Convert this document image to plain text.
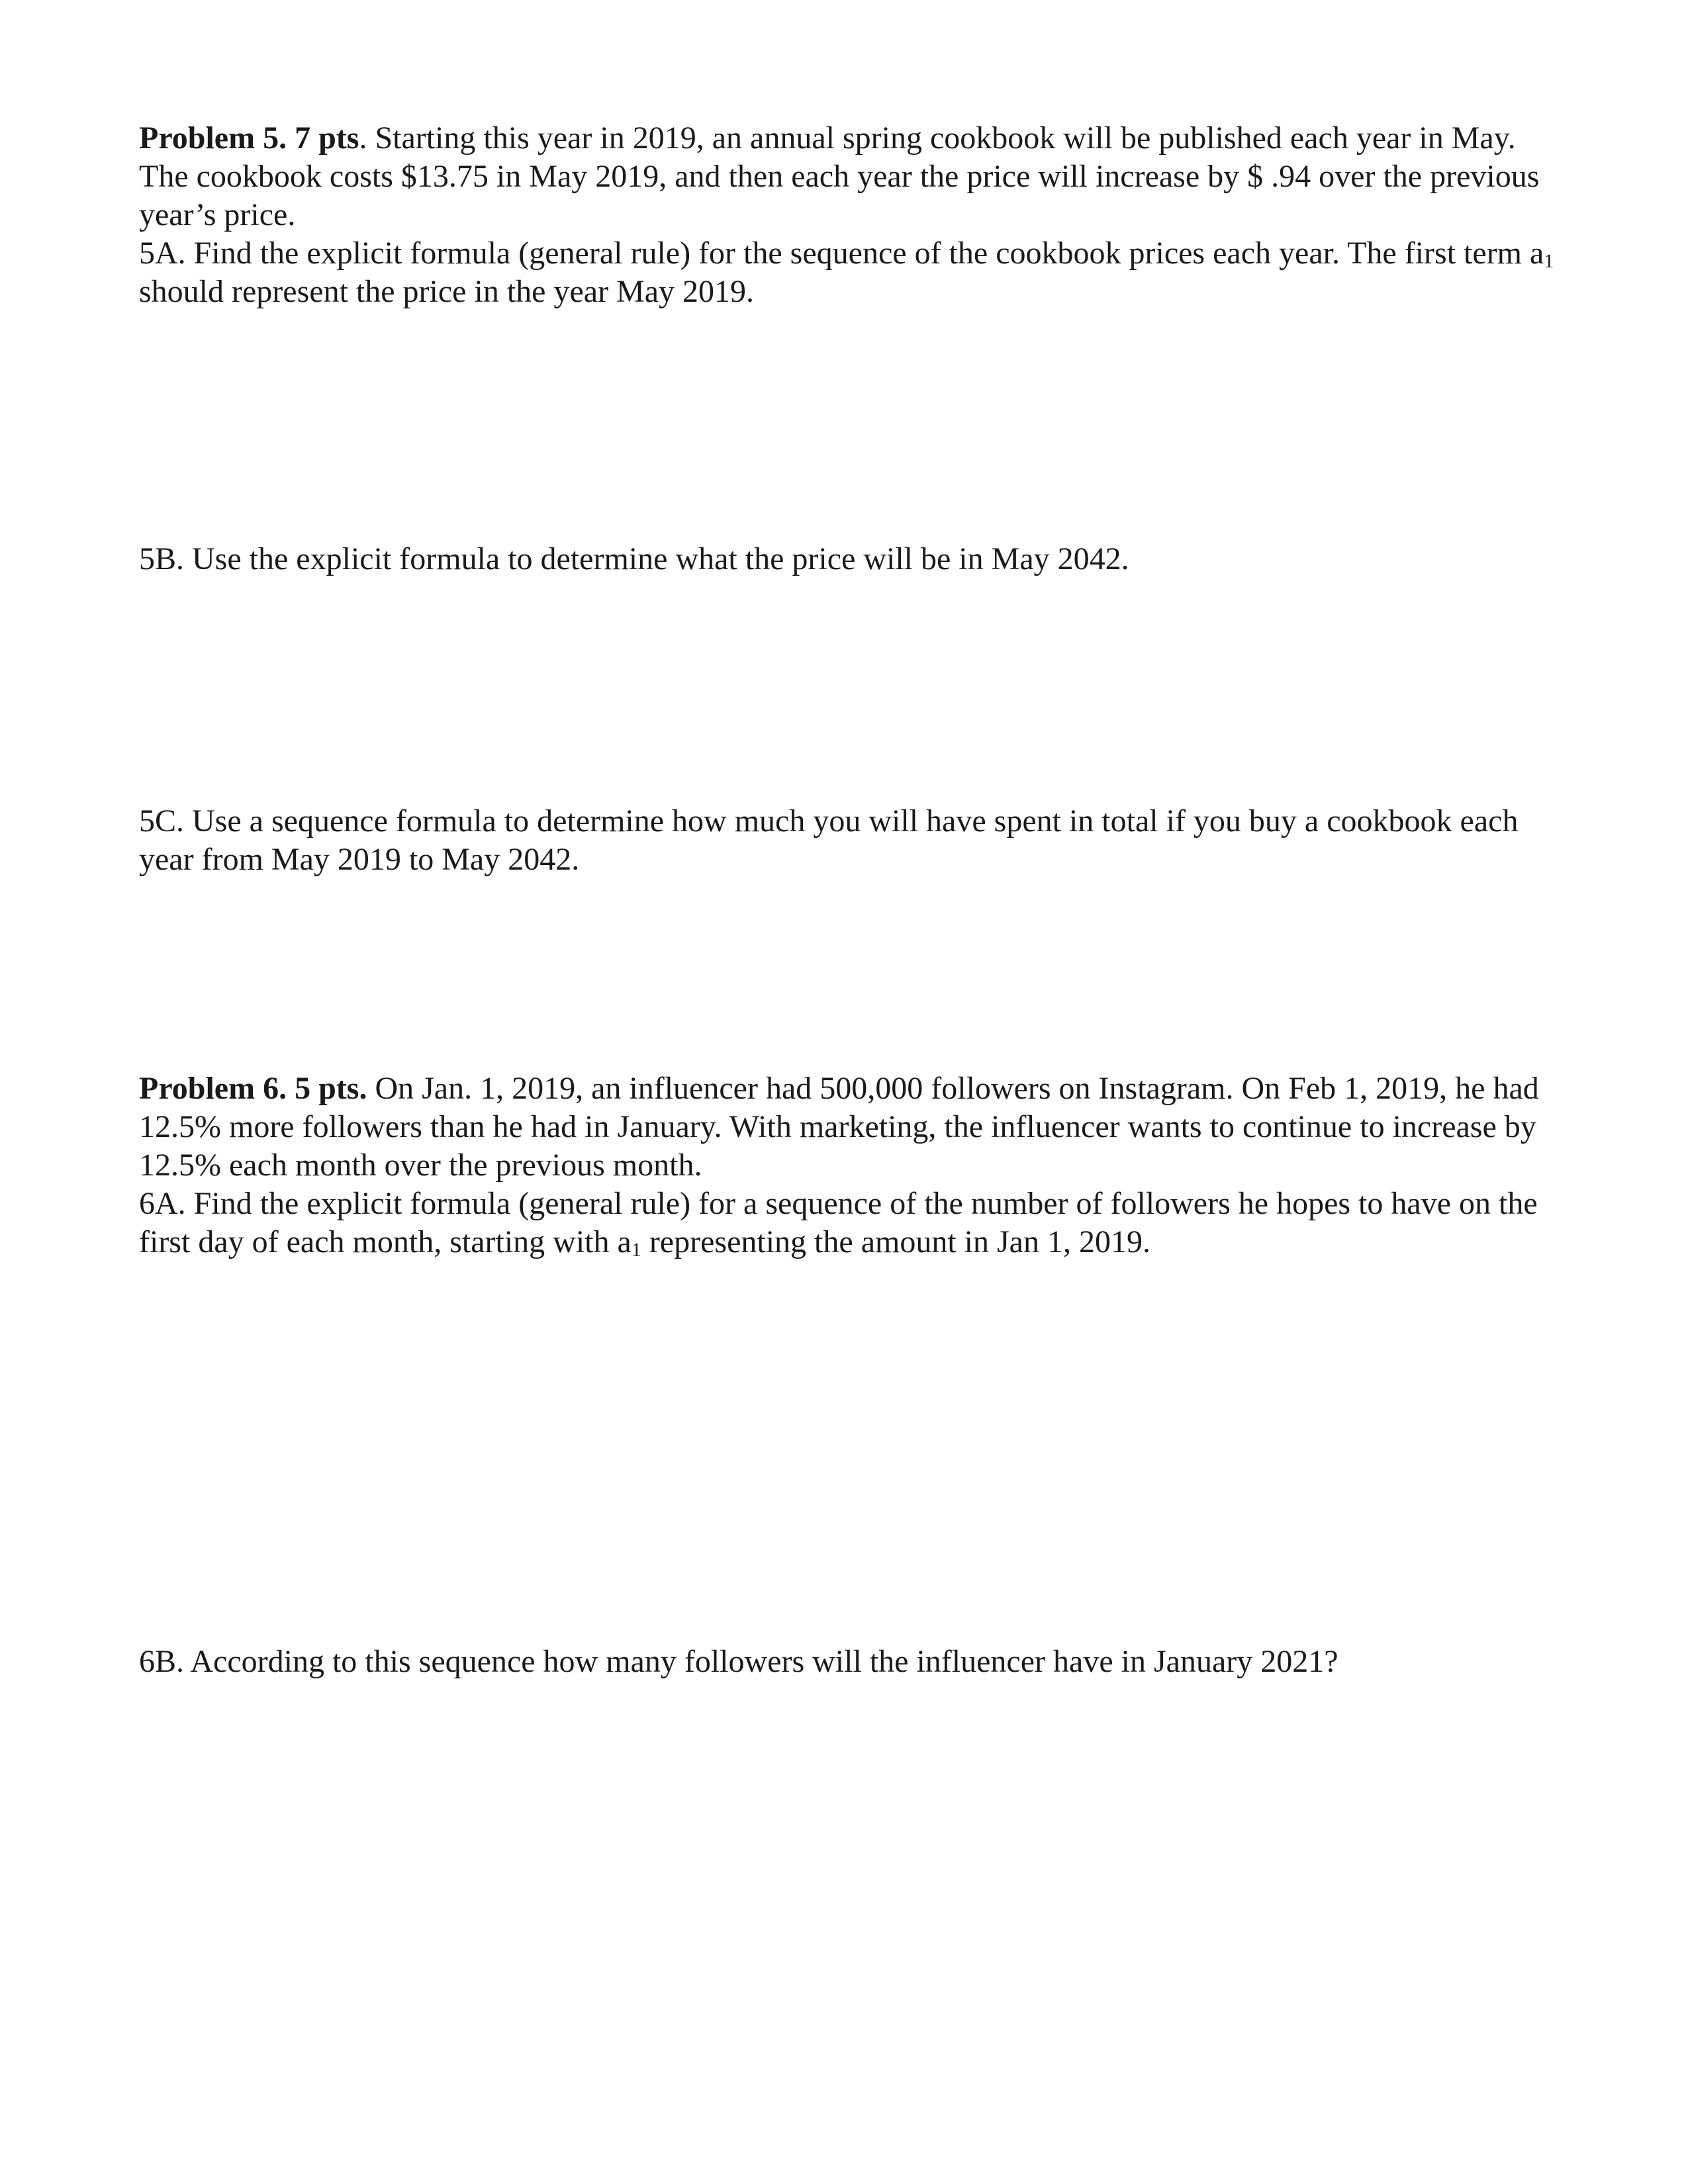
Problem 5. 7 pts. Starting this year in 2019, an annual spring cookbook will be published each year in May. The cookbook costs $13.75 in May 2019, and then each year the price will increase by $ .94 over the previous year’s price.

5A. Find the explicit formula (general rule) for the sequence of the cookbook prices each year. The first term $a_1$ should represent the price in the year May 2019.

5B. Use the explicit formula to determine what the price will be in May 2042.

5C. Use a sequence formula to determine how much you will have spent in total if you buy a cookbook each year from May 2019 to May 2042.

Problem 6. 5 pts. On Jan. 1, 2019, an influencer had 500,000 followers on Instagram. On Feb 1, 2019, he had 12.5% more followers than he had in January. With marketing, the influencer wants to continue to increase by 12.5% each month over the previous month.

6A. Find the explicit formula (general rule) for a sequence of the number of followers he hopes to have on the first day of each month, starting with $a_1$ representing the amount in Jan 1, 2019.

6B. According to this sequence how many followers will the influencer have in January 2021?
